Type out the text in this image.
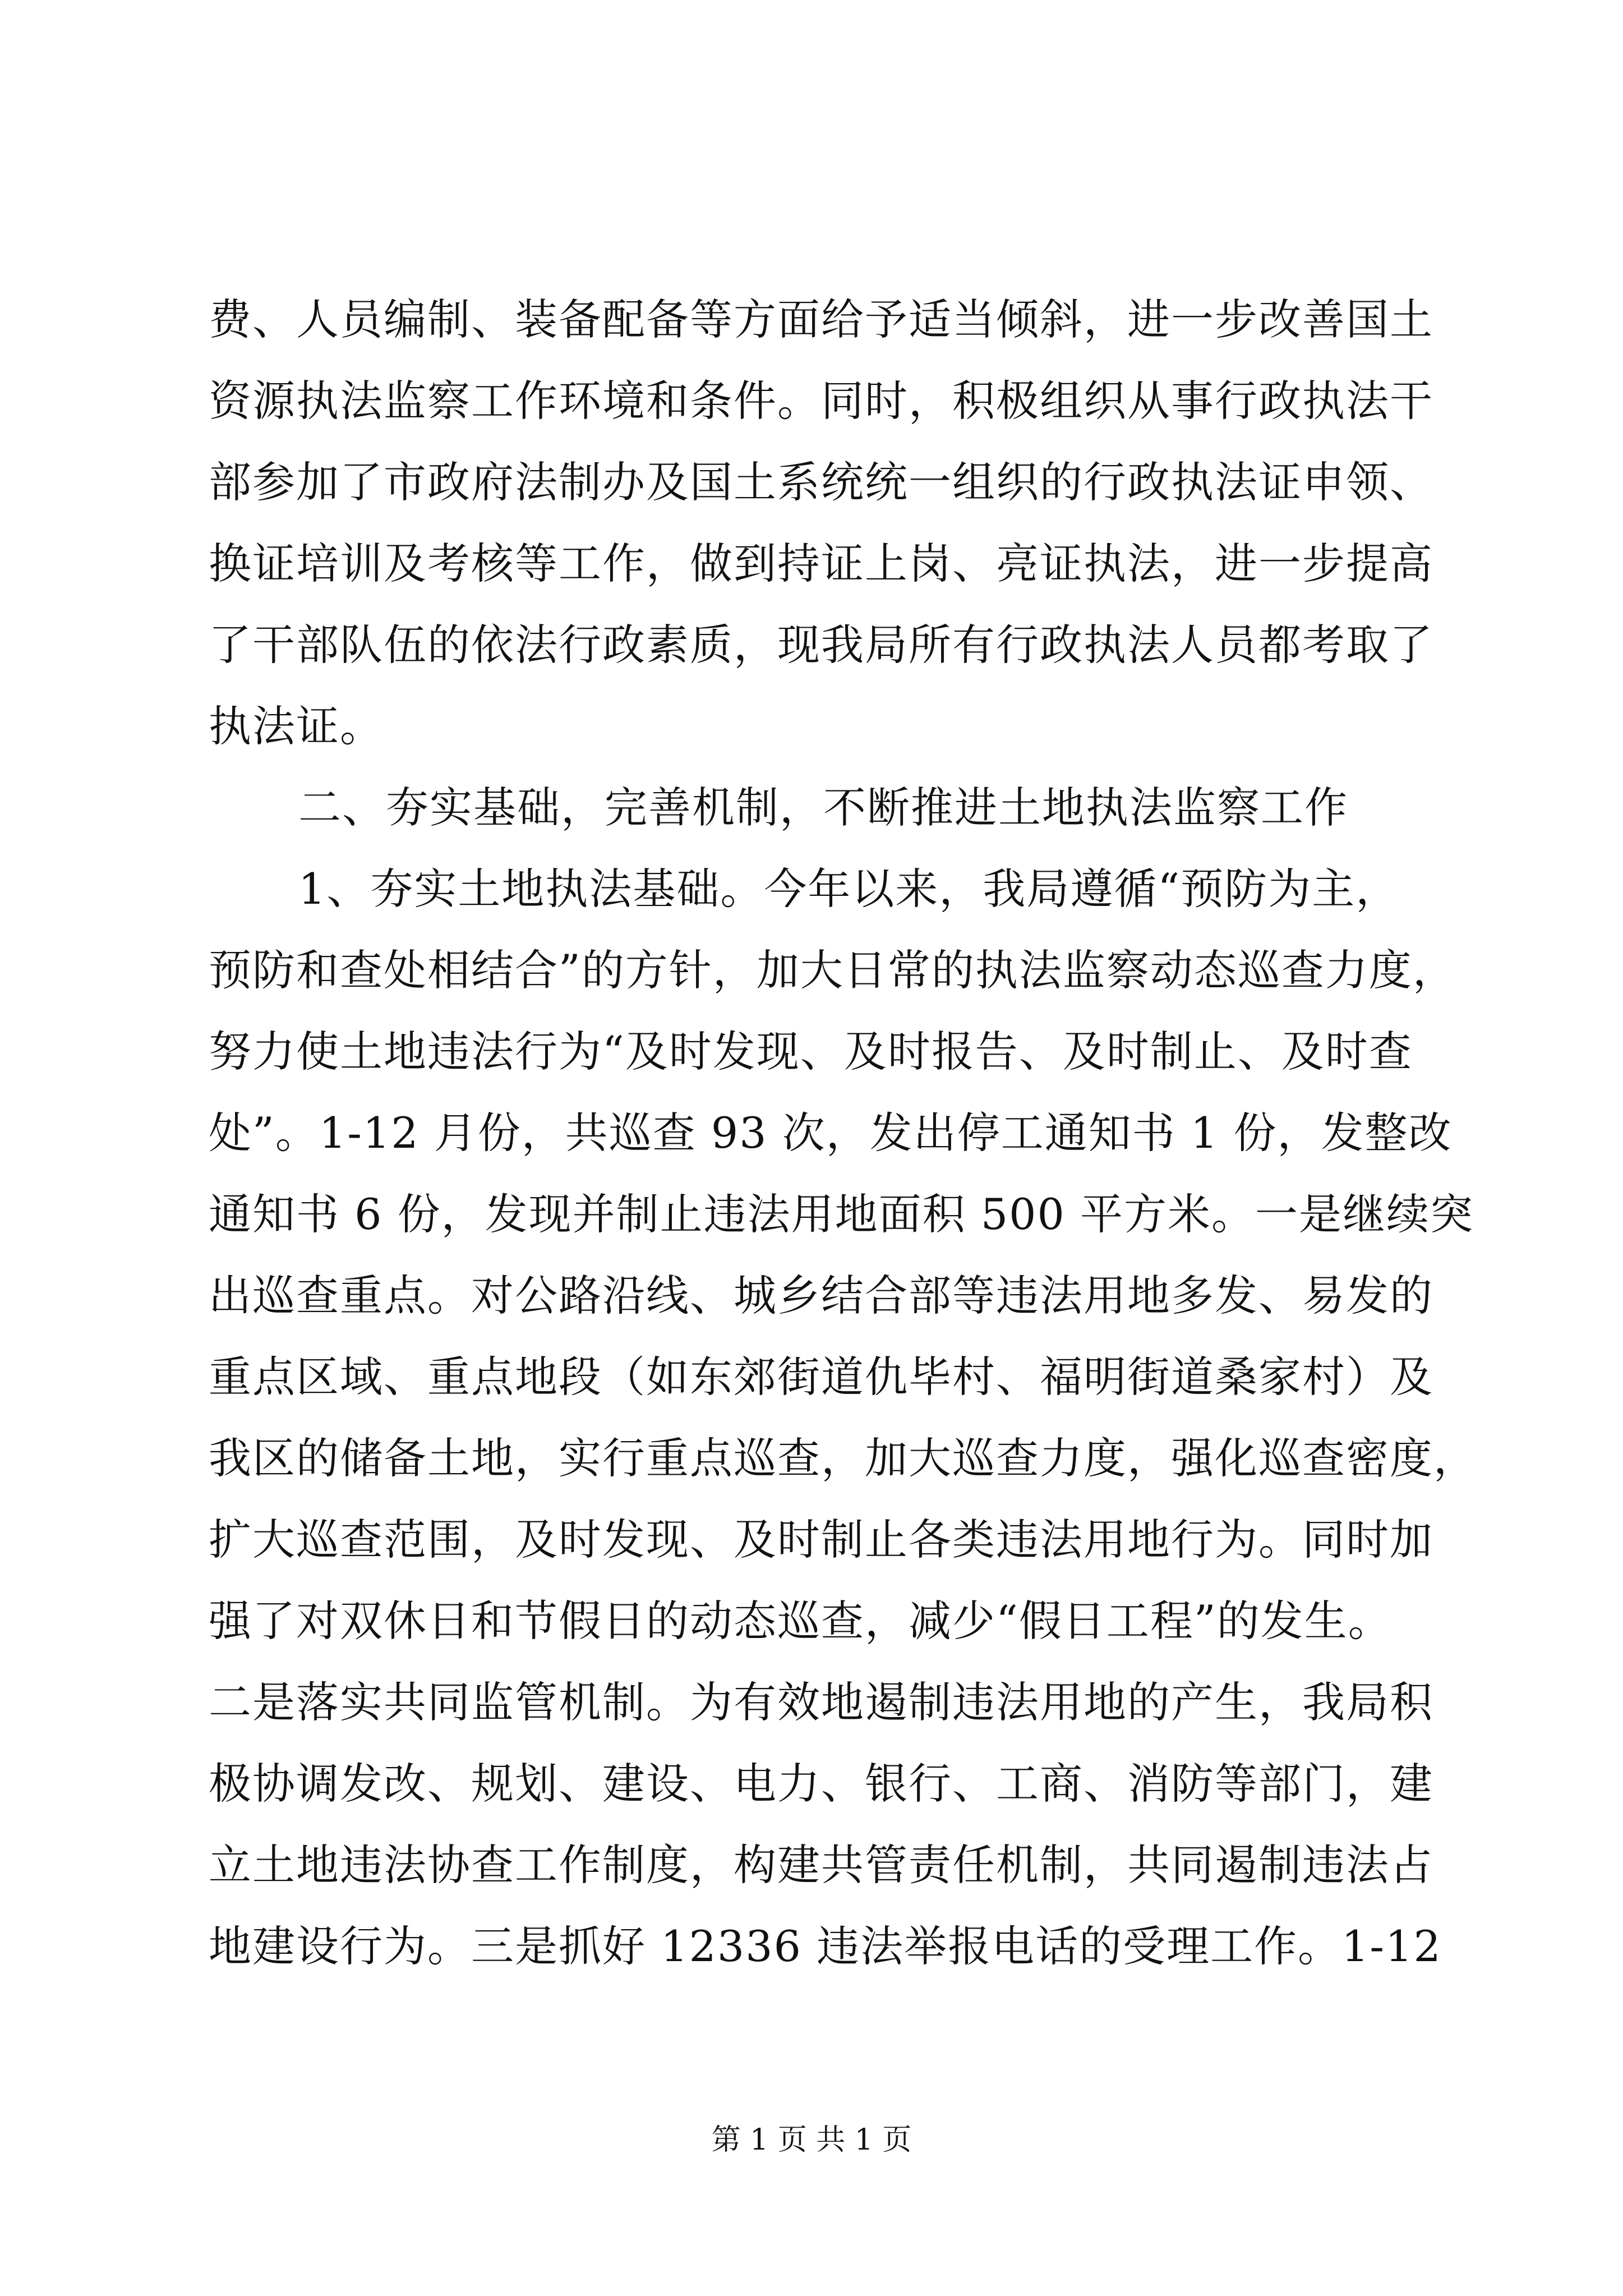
费、人员编制、装备配备等方面给予适当倾斜，进一步改善国土
资源执法监察工作环境和条件。同时，积极组织从事行政执法干
部参加了市政府法制办及国土系统统一组织的行政执法证申领、
换证培训及考核等工作，做到持证上岗、亮证执法，进一步提高
了干部队伍的依法行政素质，现我局所有行政执法人员都考取了
执法证。
二、夯实基础，完善机制，不断推进土地执法监察工作
1、夯实土地执法基础。今年以来，我局遵循“预防为主，
预防和查处相结合”的方针，加大日常的执法监察动态巡查力度，
努力使土地违法行为“及时发现、及时报告、及时制止、及时查
处”。1-12 月份，共巡查 93 次，发出停工通知书 1 份，发整改
通知书 6 份，发现并制止违法用地面积 500 平方米。一是继续突
出巡查重点。对公路沿线、城乡结合部等违法用地多发、易发的
重点区域、重点地段（如东郊街道仇毕村、福明街道桑家村）及
我区的储备土地，实行重点巡查，加大巡查力度，强化巡查密度，
扩大巡查范围，及时发现、及时制止各类违法用地行为。同时加
强了对双休日和节假日的动态巡查，减少“假日工程”的发生。
二是落实共同监管机制。为有效地遏制违法用地的产生，我局积
极协调发改、规划、建设、电力、银行、工商、消防等部门，建
立土地违法协查工作制度，构建共管责任机制，共同遏制违法占
地建设行为。三是抓好 12336 违法举报电话的受理工作。1-12
第 1 页 共 1 页
